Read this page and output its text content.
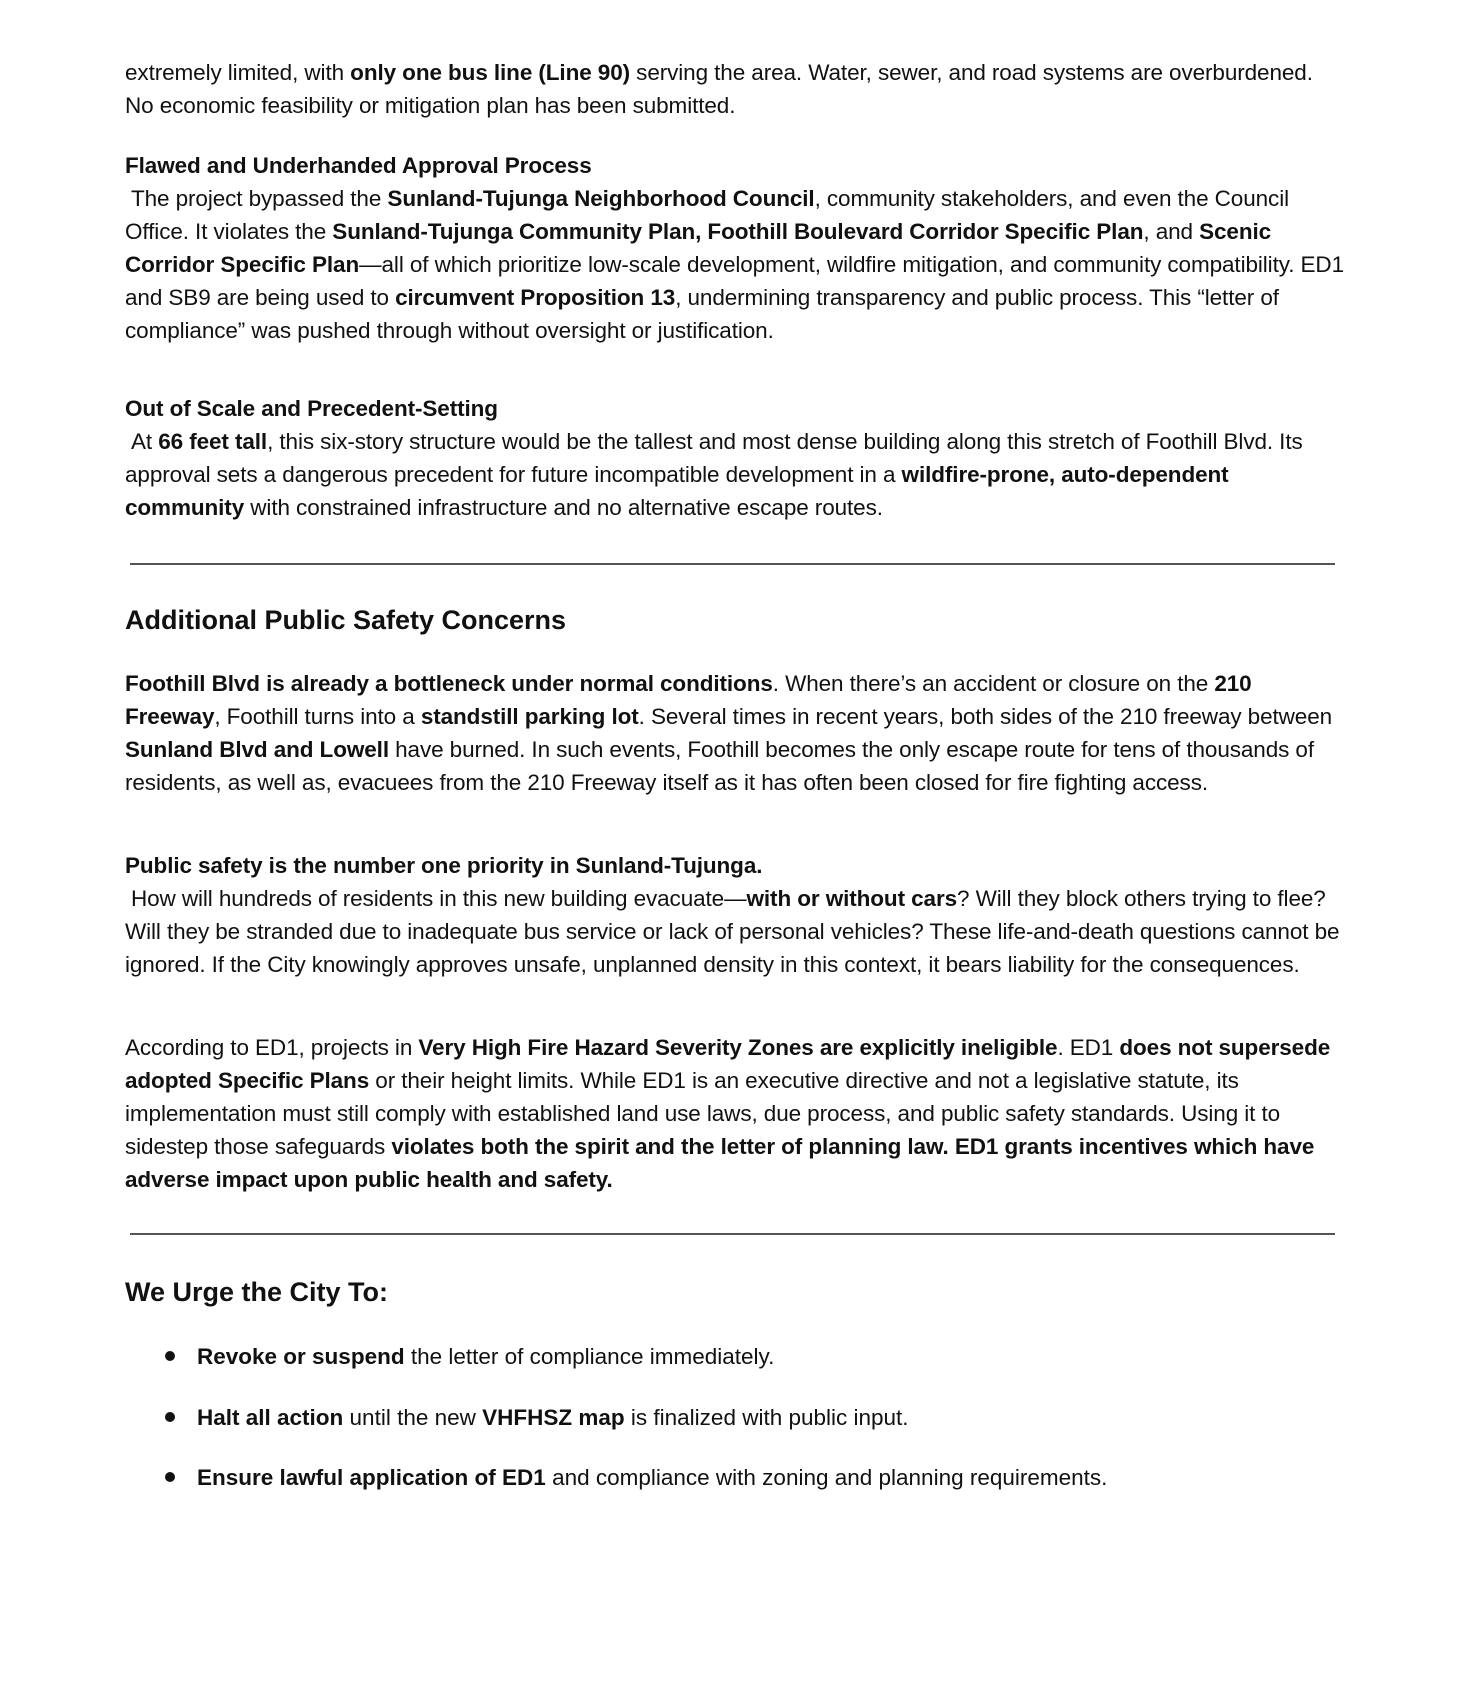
extremely limited, with only one bus line (Line 90) serving the area. Water, sewer, and road systems are overburdened. No economic feasibility or mitigation plan has been submitted.
Flawed and Underhanded Approval Process
The project bypassed the Sunland-Tujunga Neighborhood Council, community stakeholders, and even the Council Office. It violates the Sunland-Tujunga Community Plan, Foothill Boulevard Corridor Specific Plan, and Scenic Corridor Specific Plan—all of which prioritize low-scale development, wildfire mitigation, and community compatibility. ED1 and SB9 are being used to circumvent Proposition 13, undermining transparency and public process. This “letter of compliance” was pushed through without oversight or justification.
Out of Scale and Precedent-Setting
At 66 feet tall, this six-story structure would be the tallest and most dense building along this stretch of Foothill Blvd. Its approval sets a dangerous precedent for future incompatible development in a wildfire-prone, auto-dependent community with constrained infrastructure and no alternative escape routes.
Additional Public Safety Concerns
Foothill Blvd is already a bottleneck under normal conditions. When there’s an accident or closure on the 210 Freeway, Foothill turns into a standstill parking lot. Several times in recent years, both sides of the 210 freeway between Sunland Blvd and Lowell have burned. In such events, Foothill becomes the only escape route for tens of thousands of residents, as well as, evacuees from the 210 Freeway itself as it has often been closed for fire fighting access.
Public safety is the number one priority in Sunland-Tujunga.
How will hundreds of residents in this new building evacuate—with or without cars? Will they block others trying to flee? Will they be stranded due to inadequate bus service or lack of personal vehicles? These life-and-death questions cannot be ignored. If the City knowingly approves unsafe, unplanned density in this context, it bears liability for the consequences.
According to ED1, projects in Very High Fire Hazard Severity Zones are explicitly ineligible. ED1 does not supersede adopted Specific Plans or their height limits. While ED1 is an executive directive and not a legislative statute, its implementation must still comply with established land use laws, due process, and public safety standards. Using it to sidestep those safeguards violates both the spirit and the letter of planning law. ED1 grants incentives which have adverse impact upon public health and safety.
We Urge the City To:
Revoke or suspend the letter of compliance immediately.
Halt all action until the new VHFHSZ map is finalized with public input.
Ensure lawful application of ED1 and compliance with zoning and planning requirements.
